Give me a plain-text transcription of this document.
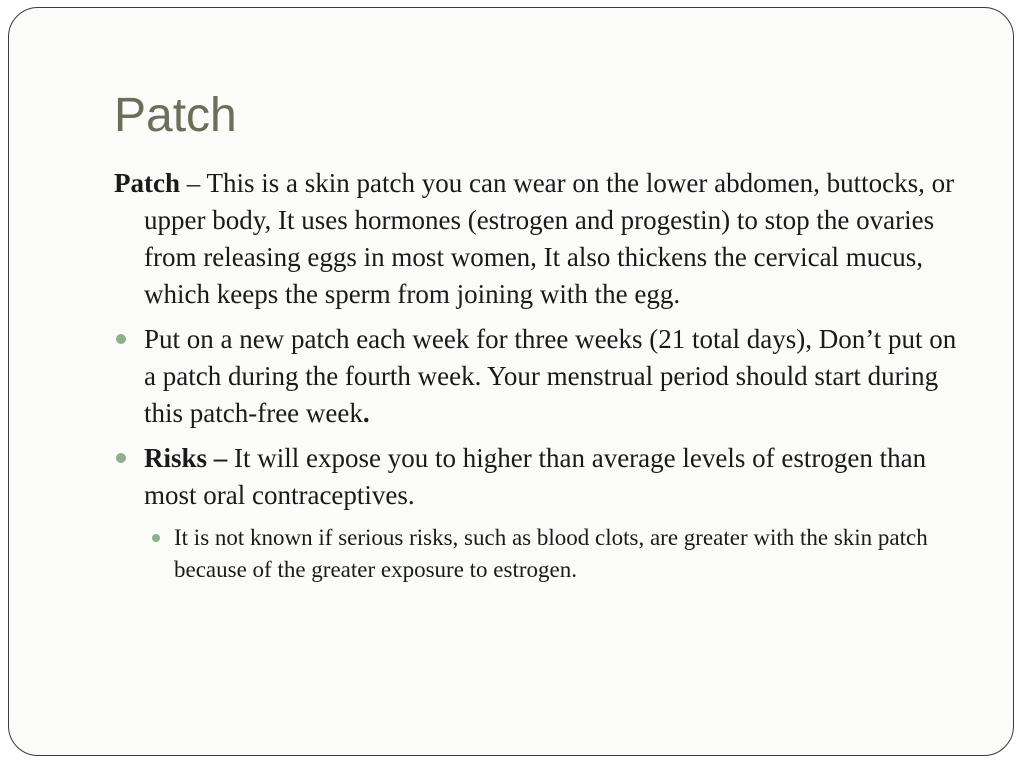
Patch

Patch – This is a skin patch you can wear on the lower abdomen, buttocks, or upper body, It uses hormones (estrogen and progestin) to stop the ovaries from releasing eggs in most women, It also thickens the cervical mucus, which keeps the sperm from joining with the egg.

Put on a new patch each week for three weeks (21 total days), Don’t put on a patch during the fourth week. Your menstrual period should start during this patch-free week.
Risks – It will expose you to higher than average levels of estrogen than most oral contraceptives.
It is not known if serious risks, such as blood clots, are greater with the skin patch because of the greater exposure to estrogen.
